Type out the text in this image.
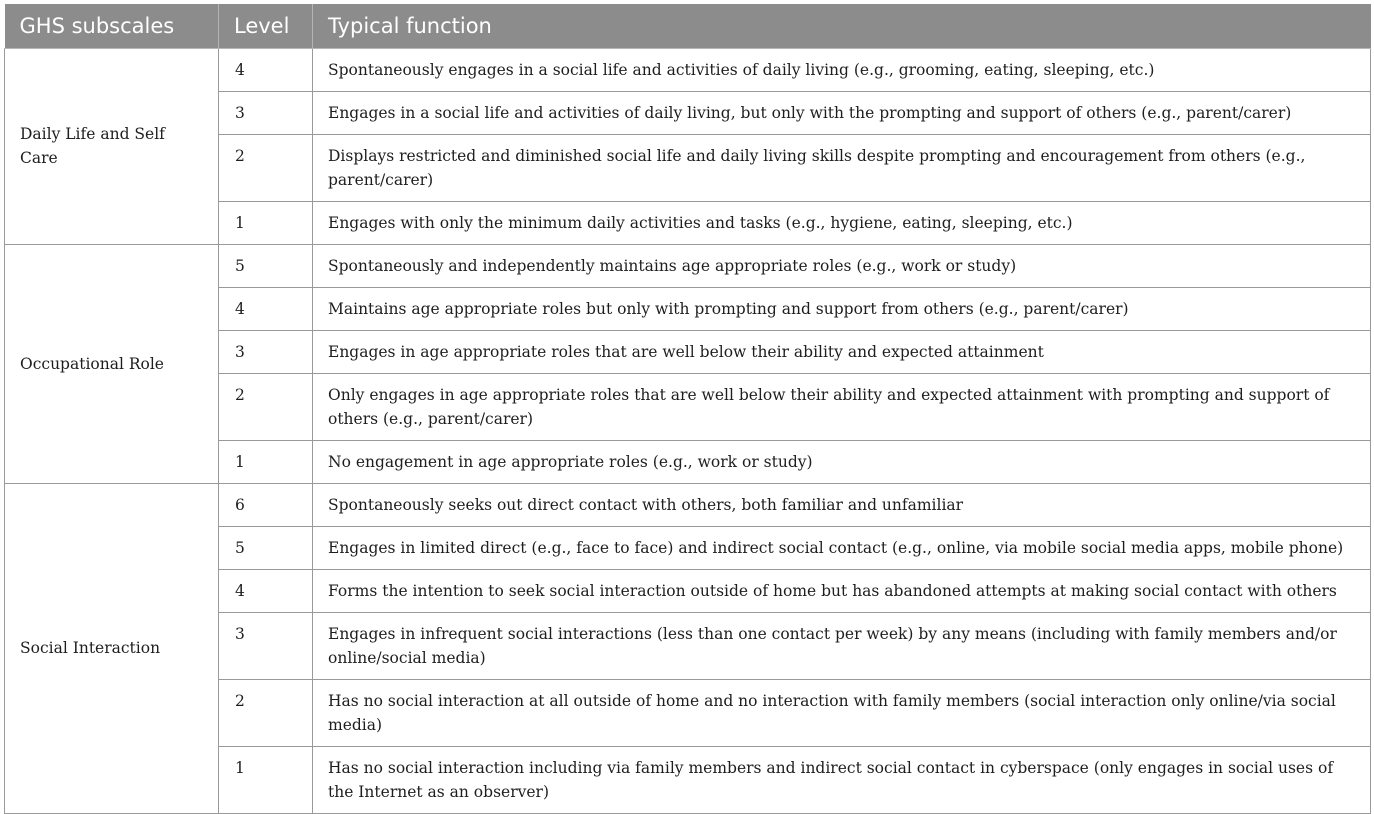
GHS subscales	Level	Typical function
Daily Life and Self Care	4	Spontaneously engages in a social life and activities of daily living (e.g., grooming, eating, sleeping, etc.)
	3	Engages in a social life and activities of daily living, but only with the prompting and support of others (e.g., parent/carer)
	2	Displays restricted and diminished social life and daily living skills despite prompting and encouragement from others (e.g., parent/carer)
	1	Engages with only the minimum daily activities and tasks (e.g., hygiene, eating, sleeping, etc.)
Occupational Role	5	Spontaneously and independently maintains age appropriate roles (e.g., work or study)
	4	Maintains age appropriate roles but only with prompting and support from others (e.g., parent/carer)
	3	Engages in age appropriate roles that are well below their ability and expected attainment
	2	Only engages in age appropriate roles that are well below their ability and expected attainment with prompting and support of others (e.g., parent/carer)
	1	No engagement in age appropriate roles (e.g., work or study)
Social Interaction	6	Spontaneously seeks out direct contact with others, both familiar and unfamiliar
	5	Engages in limited direct (e.g., face to face) and indirect social contact (e.g., online, via mobile social media apps, mobile phone)
	4	Forms the intention to seek social interaction outside of home but has abandoned attempts at making social contact with others
	3	Engages in infrequent social interactions (less than one contact per week) by any means (including with family members and/or online/social media)
	2	Has no social interaction at all outside of home and no interaction with family members (social interaction only online/via social media)
	1	Has no social interaction including via family members and indirect social contact in cyberspace (only engages in social uses of the Internet as an observer)
